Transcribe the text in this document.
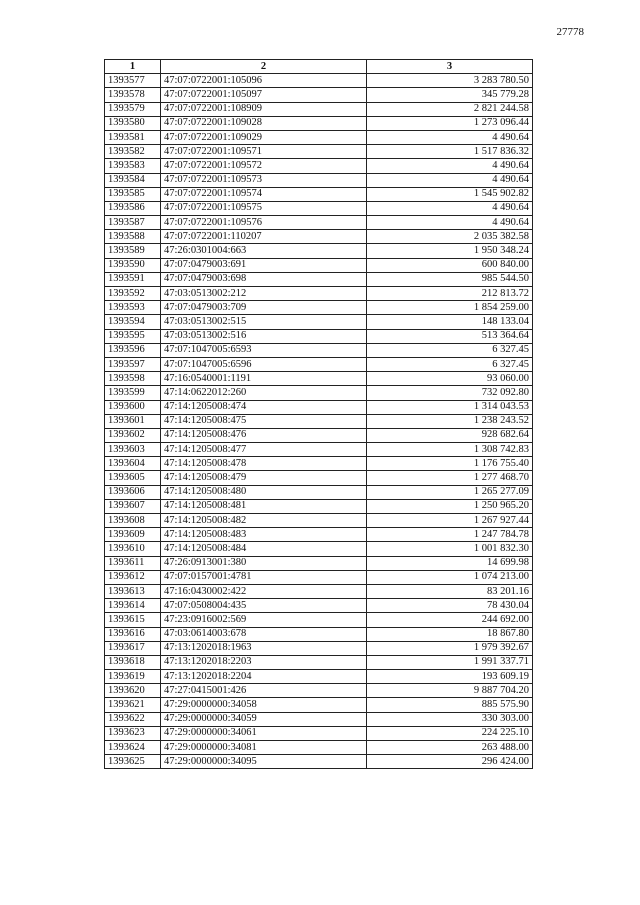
27778
1	2	3
1393577	47:07:0722001:105096	3 283 780.50
1393578	47:07:0722001:105097	345 779.28
1393579	47:07:0722001:108909	2 821 244.58
1393580	47:07:0722001:109028	1 273 096.44
1393581	47:07:0722001:109029	4 490.64
1393582	47:07:0722001:109571	1 517 836.32
1393583	47:07:0722001:109572	4 490.64
1393584	47:07:0722001:109573	4 490.64
1393585	47:07:0722001:109574	1 545 902.82
1393586	47:07:0722001:109575	4 490.64
1393587	47:07:0722001:109576	4 490.64
1393588	47:07:0722001:110207	2 035 382.58
1393589	47:26:0301004:663	1 950 348.24
1393590	47:07:0479003:691	600 840.00
1393591	47:07:0479003:698	985 544.50
1393592	47:03:0513002:212	212 813.72
1393593	47:07:0479003:709	1 854 259.00
1393594	47:03:0513002:515	148 133.04
1393595	47:03:0513002:516	513 364.64
1393596	47:07:1047005:6593	6 327.45
1393597	47:07:1047005:6596	6 327.45
1393598	47:16:0540001:1191	93 060.00
1393599	47:14:0622012:260	732 092.80
1393600	47:14:1205008:474	1 314 043.53
1393601	47:14:1205008:475	1 238 243.52
1393602	47:14:1205008:476	928 682.64
1393603	47:14:1205008:477	1 308 742.83
1393604	47:14:1205008:478	1 176 755.40
1393605	47:14:1205008:479	1 277 468.70
1393606	47:14:1205008:480	1 265 277.09
1393607	47:14:1205008:481	1 250 965.20
1393608	47:14:1205008:482	1 267 927.44
1393609	47:14:1205008:483	1 247 784.78
1393610	47:14:1205008:484	1 001 832.30
1393611	47:26:0913001:380	14 699.98
1393612	47:07:0157001:4781	1 074 213.00
1393613	47:16:0430002:422	83 201.16
1393614	47:07:0508004:435	78 430.04
1393615	47:23:0916002:569	244 692.00
1393616	47:03:0614003:678	18 867.80
1393617	47:13:1202018:1963	1 979 392.67
1393618	47:13:1202018:2203	1 991 337.71
1393619	47:13:1202018:2204	193 609.19
1393620	47:27:0415001:426	9 887 704.20
1393621	47:29:0000000:34058	885 575.90
1393622	47:29:0000000:34059	330 303.00
1393623	47:29:0000000:34061	224 225.10
1393624	47:29:0000000:34081	263 488.00
1393625	47:29:0000000:34095	296 424.00
